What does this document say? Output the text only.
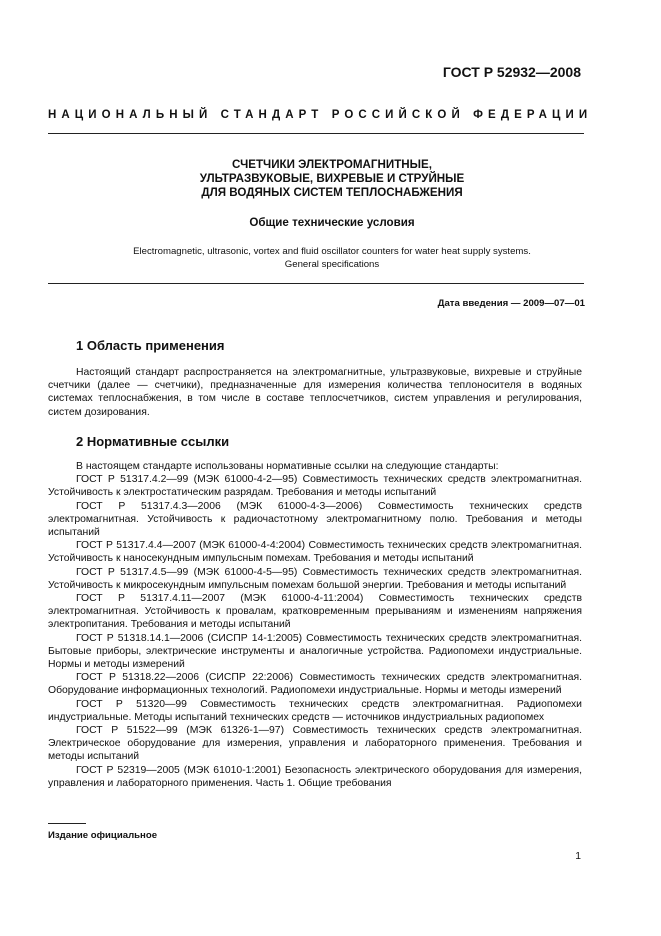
ГОСТ Р 52932—2008
НАЦИОНАЛЬНЫЙ СТАНДАРТ РОССИЙСКОЙ ФЕДЕРАЦИИ
СЧЕТЧИКИ ЭЛЕКТРОМАГНИТНЫЕ,
УЛЬТРАЗВУКОВЫЕ, ВИХРЕВЫЕ И СТРУЙНЫЕ
ДЛЯ ВОДЯНЫХ СИСТЕМ ТЕПЛОСНАБЖЕНИЯ
Общие технические условия
Electromagnetic, ultrasonic, vortex and fluid oscillator counters for water heat supply systems.
General specifications
Дата введения — 2009—07—01
1 Область применения

Настоящий стандарт распространяется на электромагнитные, ультразвуковые, вихревые и струйные счетчики (далее — счетчики), предназначенные для измерения количества теплоносителя в водяных системах теплоснабжения, в том числе в составе теплосчетчиков, систем управления и регулирования, систем дозирования.

2 Нормативные ссылки

В настоящем стандарте использованы нормативные ссылки на следующие стандарты:

ГОСТ Р 51317.4.2—99 (МЭК 61000-4-2—95) Совместимость технических средств электромагнитная. Устойчивость к электростатическим разрядам. Требования и методы испытаний

ГОСТ Р 51317.4.3—2006 (МЭК 61000-4-3—2006) Совместимость технических средств электромагнитная. Устойчивость к радиочастотному электромагнитному полю. Требования и методы испытаний

ГОСТ Р 51317.4.4—2007 (МЭК 61000-4-4:2004) Совместимость технических средств электромагнитная. Устойчивость к наносекундным импульсным помехам. Требования и методы испытаний

ГОСТ Р 51317.4.5—99 (МЭК 61000-4-5—95) Совместимость технических средств электромагнитная. Устойчивость к микросекундным импульсным помехам большой энергии. Требования и методы испытаний

ГОСТ Р 51317.4.11—2007 (МЭК 61000-4-11:2004) Совместимость технических средств электромагнитная. Устойчивость к провалам, кратковременным прерываниям и изменениям напряжения электропитания. Требования и методы испытаний

ГОСТ Р 51318.14.1—2006 (СИСПР 14-1:2005) Совместимость технических средств электромагнитная. Бытовые приборы, электрические инструменты и аналогичные устройства. Радиопомехи индустриальные. Нормы и методы измерений

ГОСТ Р 51318.22—2006 (СИСПР 22:2006) Совместимость технических средств электромагнитная. Оборудование информационных технологий. Радиопомехи индустриальные. Нормы и методы измерений

ГОСТ Р 51320—99 Совместимость технических средств электромагнитная. Радиопомехи индустриальные. Методы испытаний технических средств — источников индустриальных радиопомех

ГОСТ Р 51522—99 (МЭК 61326-1—97) Совместимость технических средств электромагнитная. Электрическое оборудование для измерения, управления и лабораторного применения. Требования и методы испытаний

ГОСТ Р 52319—2005 (МЭК 61010-1:2001) Безопасность электрического оборудования для измерения, управления и лабораторного применения. Часть 1. Общие требования

Издание официальное
1
